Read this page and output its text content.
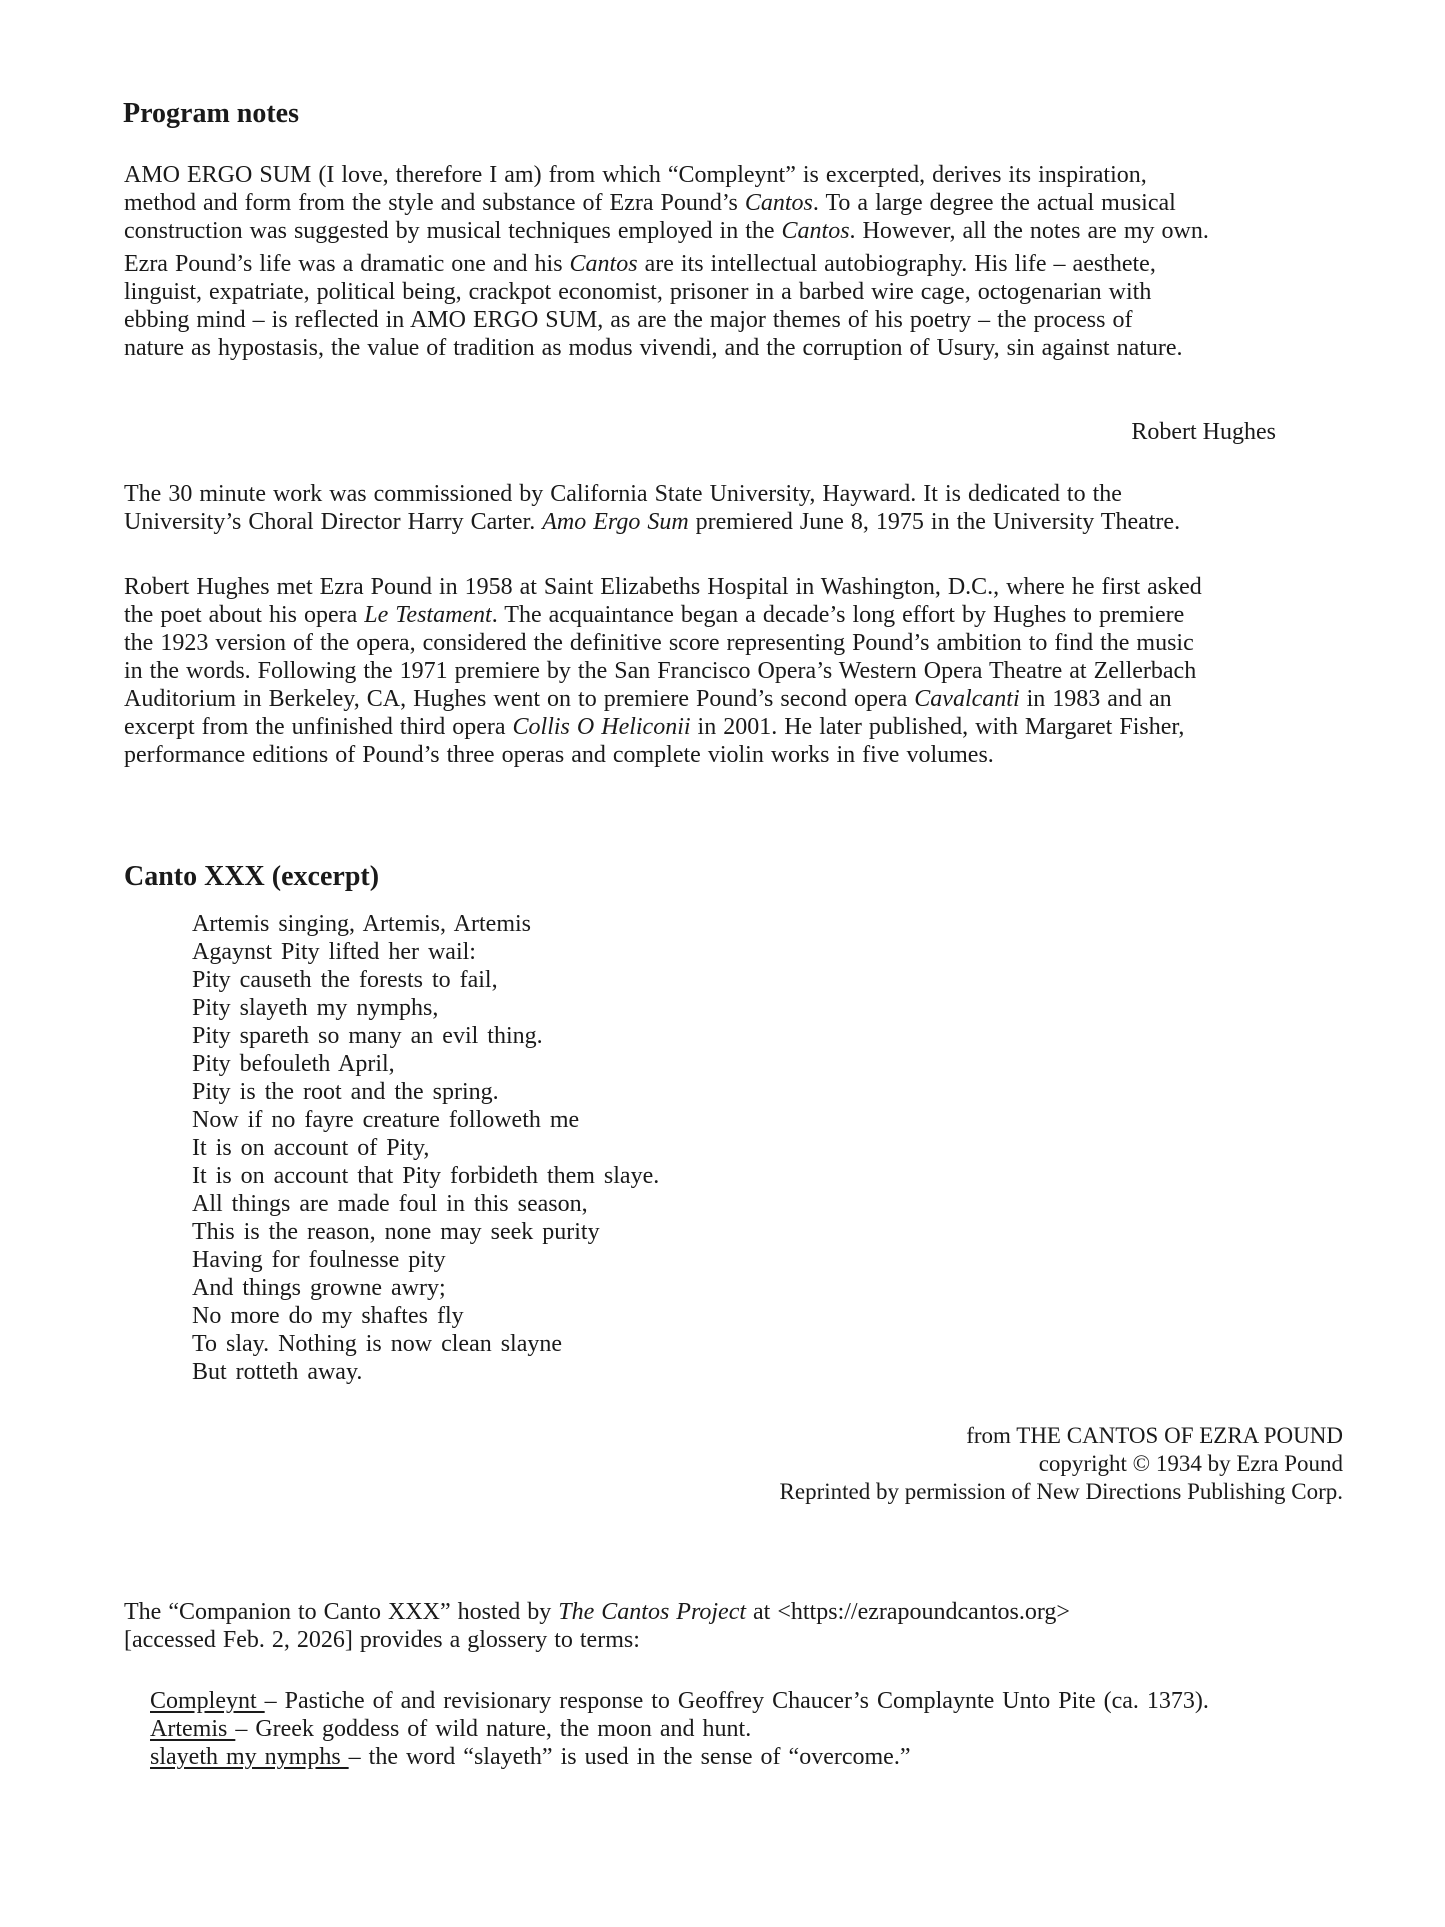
Program notes
AMO ERGO SUM (I love, therefore I am) from which “Compleynt” is excerpted, derives its inspiration,
method and form from the style and substance of Ezra Pound’s Cantos. To a large degree the actual musical
construction was suggested by musical techniques employed in the Cantos. However, all the notes are my own.
Ezra Pound’s life was a dramatic one and his Cantos are its intellectual autobiography. His life – aesthete,
linguist, expatriate, political being, crackpot economist, prisoner in a barbed wire cage, octogenarian with
ebbing mind – is reflected in AMO ERGO SUM, as are the major themes of his poetry – the process of
nature as hypostasis, the value of tradition as modus vivendi, and the corruption of Usury, sin against nature.
Robert Hughes
The 30 minute work was commissioned by California State University, Hayward. It is dedicated to the
University’s Choral Director Harry Carter. Amo Ergo Sum premiered June 8, 1975 in the University Theatre.
Robert Hughes met Ezra Pound in 1958 at Saint Elizabeths Hospital in Washington, D.C., where he first asked
the poet about his opera Le Testament. The acquaintance began a decade’s long effort by Hughes to premiere
the 1923 version of the opera, considered the definitive score representing Pound’s ambition to find the music
in the words. Following the 1971 premiere by the San Francisco Opera’s Western Opera Theatre at Zellerbach
Auditorium in Berkeley, CA, Hughes went on to premiere Pound’s second opera Cavalcanti in 1983 and an
excerpt from the unfinished third opera Collis O Heliconii in 2001. He later published, with Margaret Fisher,
performance editions of Pound’s three operas and complete violin works in five volumes.
Canto XXX (excerpt)
Artemis singing, Artemis, Artemis
Agaynst Pity lifted her wail:
Pity causeth the forests to fail,
Pity slayeth my nymphs,
Pity spareth so many an evil thing.
Pity befouleth April,
Pity is the root and the spring.
Now if no fayre creature followeth me
It is on account of Pity,
It is on account that Pity forbideth them slaye.
All things are made foul in this season,
This is the reason, none may seek purity
Having for foulnesse pity
And things growne awry;
No more do my shaftes fly
To slay. Nothing is now clean slayne
But rotteth away.
from THE CANTOS OF EZRA POUND
copyright © 1934 by Ezra Pound
Reprinted by permission of New Directions Publishing Corp.
The “Companion to Canto XXX” hosted by The Cantos Project at <https://ezrapoundcantos.org>
[accessed Feb. 2, 2026] provides a glossery to terms:
Compleynt – Pastiche of and revisionary response to Geoffrey Chaucer’s Complaynte Unto Pite (ca. 1373).
Artemis – Greek goddess of wild nature, the moon and hunt.
slayeth my nymphs – the word “slayeth” is used in the sense of “overcome.”
